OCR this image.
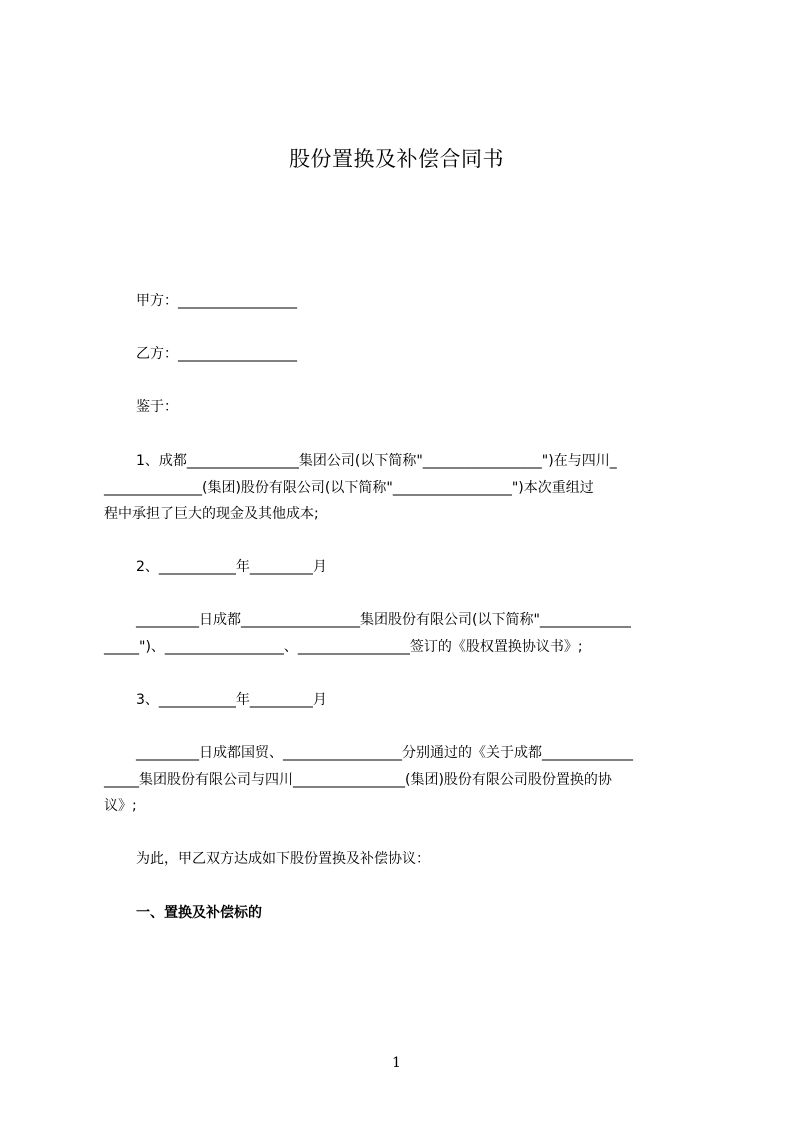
股份置换及补偿合同书
甲方：_________________
乙方：_________________
鉴于：
1、成都________________集团公司(以下简称"_________________")在与四川_
______________(集团)股份有限公司(以下简称"_________________")本次重组过
程中承担了巨大的现金及其他成本;
2、___________年_________月
_________日成都_________________集团股份有限公司(以下简称"_____________
_____")、_________________、________________签订的《股权置换协议书》;
3、___________年_________月
_________日成都国贸、_________________分别通过的《关于成都_____________
_____集团股份有限公司与四川________________(集团)股份有限公司股份置换的协
议》;
为此，甲乙双方达成如下股份置换及补偿协议：
一、置换及补偿标的
1
